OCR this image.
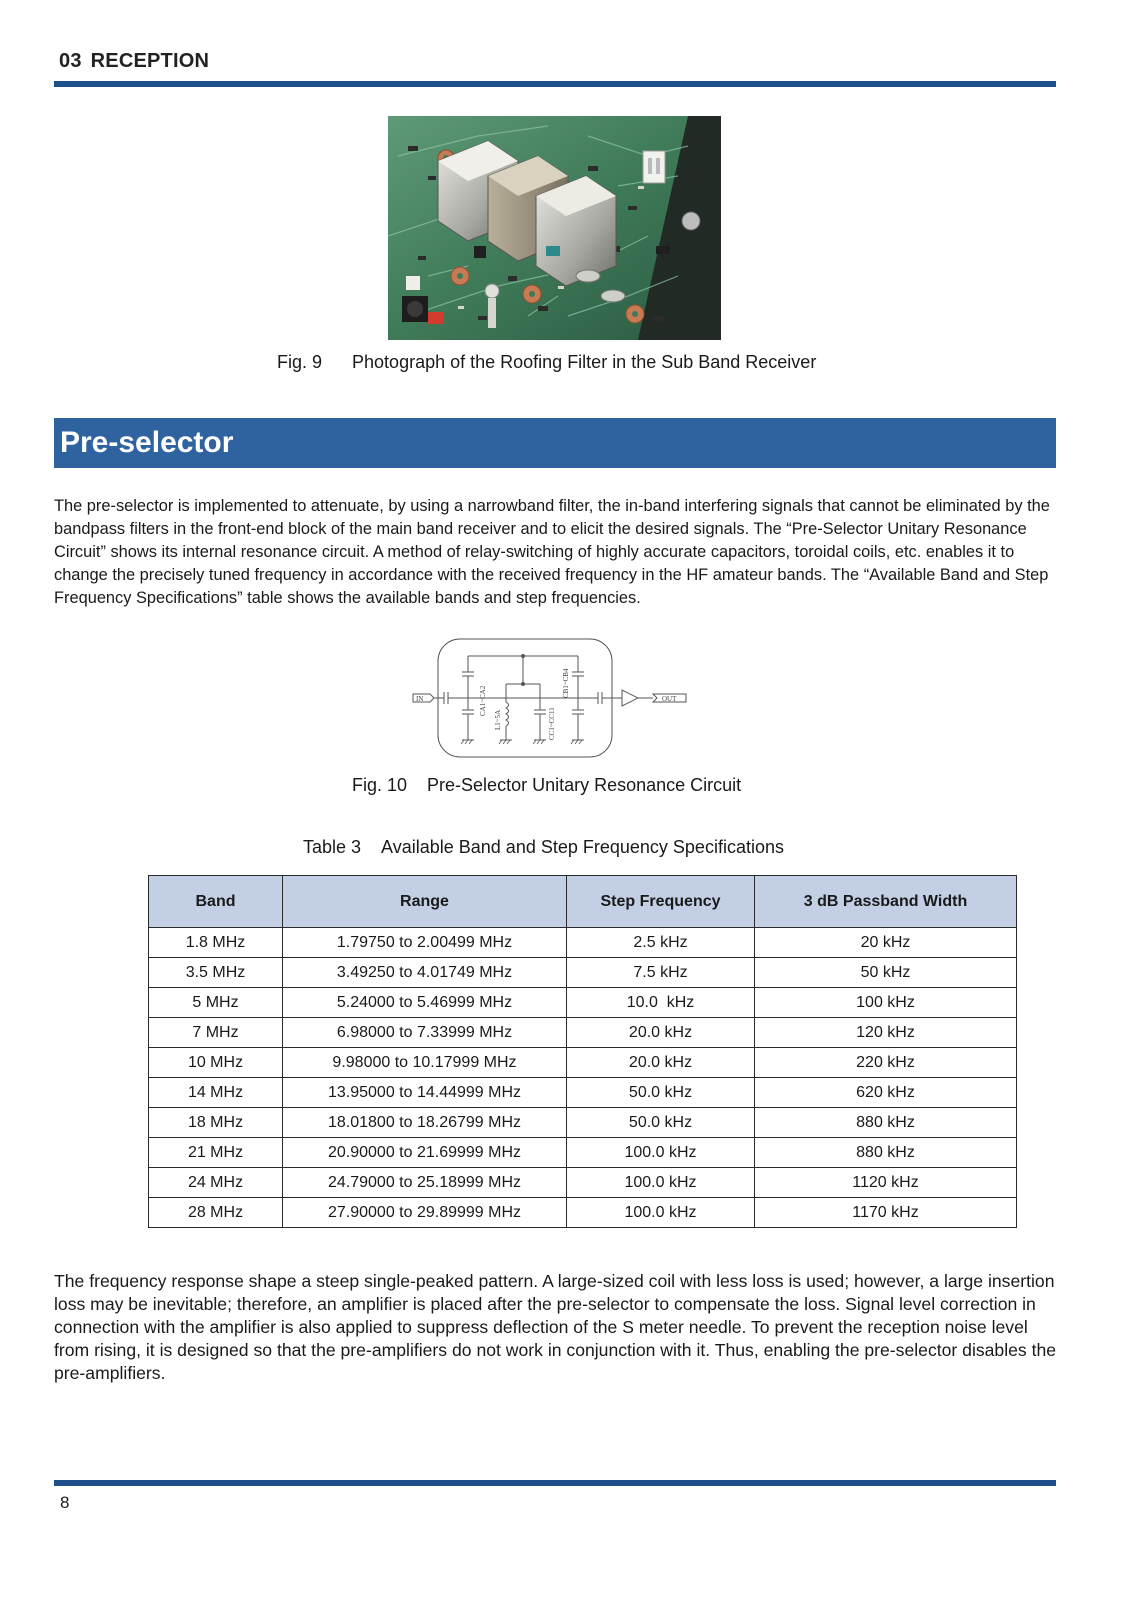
03 RECEPTION
Fig. 9 Photograph of the Roofing Filter in the Sub Band Receiver
Pre-selector
The pre-selector is implemented to attenuate, by using a narrowband filter, the in-band interfering signals that cannot be eliminated by the bandpass filters in the front-end block of the main band receiver and to elicit the desired signals. The “Pre-Selector Unitary Resonance Circuit” shows its internal resonance circuit. A method of relay-switching of highly accurate capacitors, toroidal coils, etc. enables it to change the precisely tuned frequency in accordance with the received frequency in the HF amateur bands. The “Available Band and Step Frequency Specifications” table shows the available bands and step frequencies.
IN	OUT
CA1~CA2
L1~5A	CC1~CC11
CB1~CB4
Fig. 10 Pre-Selector Unitary Resonance Circuit
Table 3 Available Band and Step Frequency Specifications
Band	Range	Step Frequency	3 dB Passband Width
1.8 MHz	1.79750 to 2.00499 MHz	2.5 kHz	20 kHz
3.5 MHz	3.49250 to 4.01749 MHz	7.5 kHz	50 kHz
5 MHz	5.24000 to 5.46999 MHz	10.0  kHz	100 kHz
7 MHz	6.98000 to 7.33999 MHz	20.0 kHz	120 kHz
10 MHz	9.98000 to 10.17999 MHz	20.0 kHz	220 kHz
14 MHz	13.95000 to 14.44999 MHz	50.0 kHz	620 kHz
18 MHz	18.01800 to 18.26799 MHz	50.0 kHz	880 kHz
21 MHz	20.90000 to 21.69999 MHz	100.0 kHz	880 kHz
24 MHz	24.79000 to 25.18999 MHz	100.0 kHz	1120 kHz
28 MHz	27.90000 to 29.89999 MHz	100.0 kHz	1170 kHz
The frequency response shape a steep single-peaked pattern. A large-sized coil with less loss is used; however, a large insertion loss may be inevitable; therefore, an amplifier is placed after the pre-selector to compensate the loss. Signal level correction in connection with the amplifier is also applied to suppress deflection of the S meter needle. To prevent the reception noise level from rising, it is designed so that the pre-amplifiers do not work in conjunction with it. Thus, enabling the pre-selector disables the pre-amplifiers.
8
